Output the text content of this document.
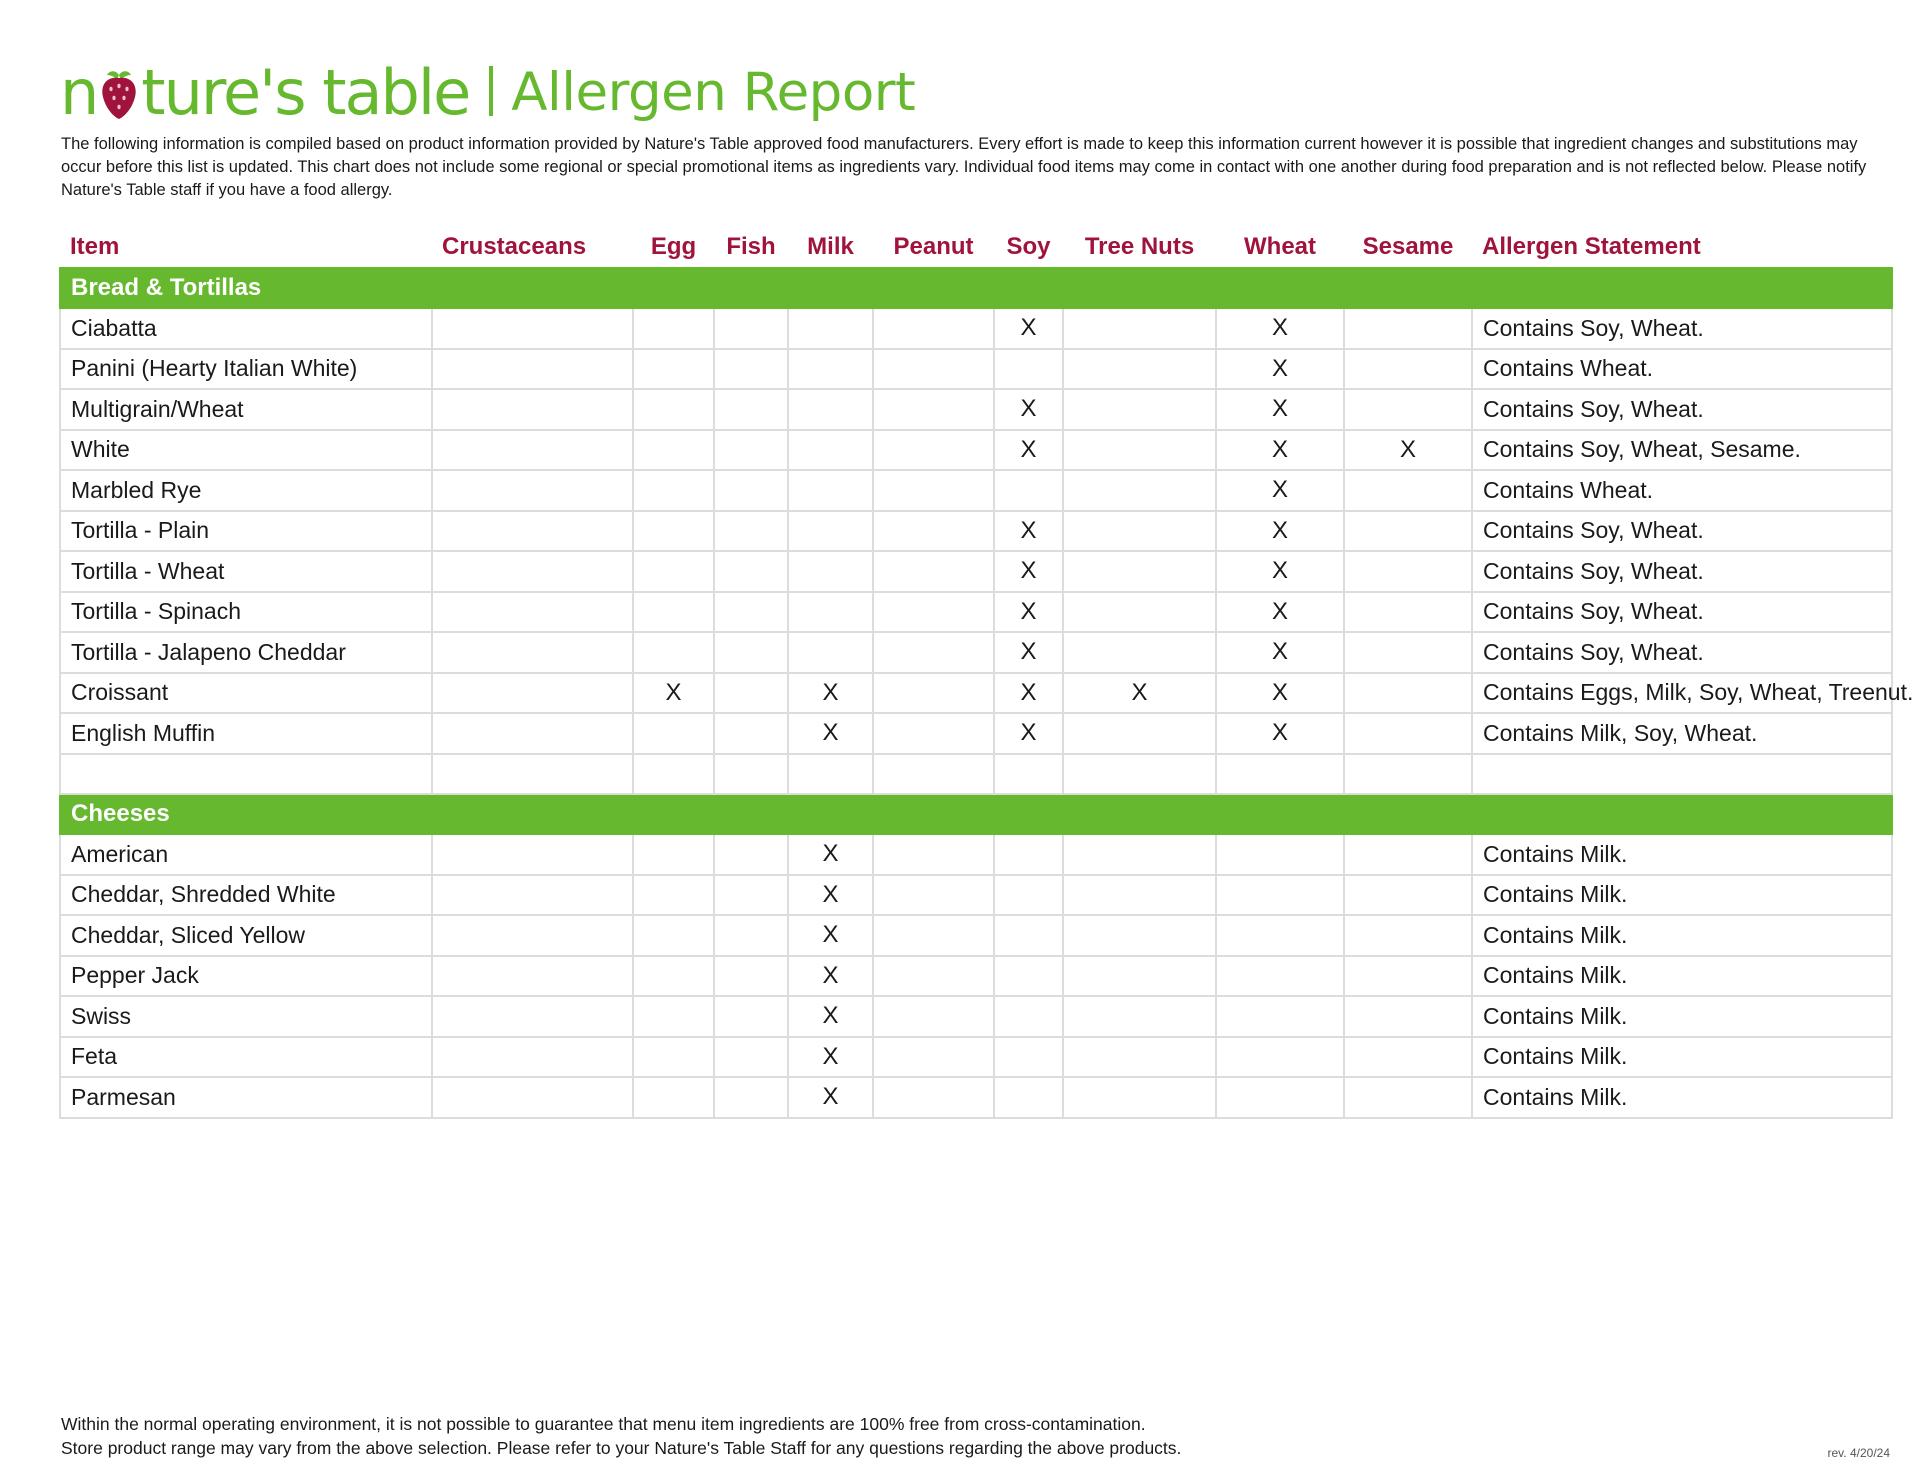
n ture's table Allergen Report

The following information is compiled based on product information provided by Nature's Table approved food manufacturers. Every effort is made to keep this information current however it is possible that ingredient changes and substitutions may occur before this list is updated. This chart does not include some regional or special promotional items as ingredients vary. Individual food items may come in contact with one another during food preparation and is not reflected below. Please notify Nature's Table staff if you have a food allergy.

Item	Crustaceans	Egg	Fish	Milk	Peanut	Soy	Tree Nuts	Wheat	Sesame	Allergen Statement
Bread & Tortillas										
Ciabatta						X		X		Contains Soy, Wheat.
Panini (Hearty Italian White)								X		Contains Wheat.
Multigrain/Wheat						X		X		Contains Soy, Wheat.
White						X		X	X	Contains Soy, Wheat, Sesame.
Marbled Rye								X		Contains Wheat.
Tortilla - Plain						X		X		Contains Soy, Wheat.
Tortilla - Wheat						X		X		Contains Soy, Wheat.
Tortilla - Spinach						X		X		Contains Soy, Wheat.
Tortilla - Jalapeno Cheddar						X		X		Contains Soy, Wheat.
Croissant		X		X		X	X	X		Contains Eggs, Milk, Soy, Wheat, Treenut.
English Muffin				X		X		X		Contains Milk, Soy, Wheat.

Cheeses										
American				X						Contains Milk.
Cheddar, Shredded White				X						Contains Milk.
Cheddar, Sliced Yellow				X						Contains Milk.
Pepper Jack				X						Contains Milk.
Swiss				X						Contains Milk.
Feta				X						Contains Milk.
Parmesan				X						Contains Milk.
Within the normal operating environment, it is not possible to guarantee that menu item ingredients are 100% free from cross-contamination.
Store product range may vary from the above selection. Please refer to your Nature's Table Staff for any questions regarding the above products.	rev. 4/20/24
